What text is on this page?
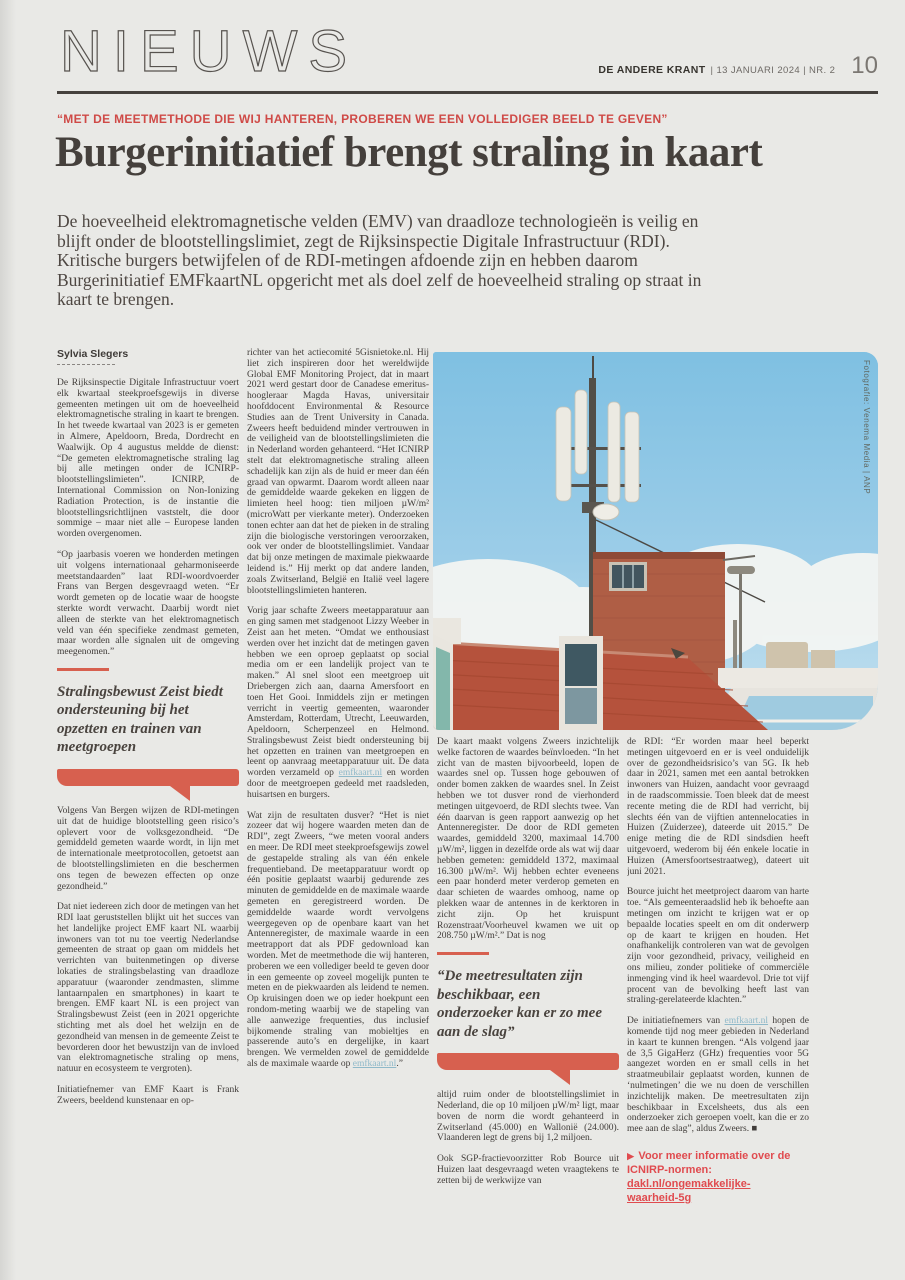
NIEUWS	DE ANDERE KRANT | 13 JANUARI 2024 | NR. 2 10
“MET DE MEETMETHODE DIE WIJ HANTEREN, PROBEREN WE EEN VOLLEDIGER BEELD TE GEVEN”
Burgerinitiatief brengt straling in kaart
De hoeveelheid elektromagnetische velden (EMV) van draadloze technologieën is veilig en blijft onder de blootstellingslimiet, zegt de Rijksinspectie Digitale Infrastructuur (RDI). Kritische burgers betwijfelen of de RDI-metingen afdoende zijn en hebben daarom Burgerinitiatief EMFkaartNL opgericht met als doel zelf de hoeveelheid straling op straat in kaart te brengen.
Fotografie: Venema Media | ANP
Sylvia Slegers

De Rijksinspectie Digitale Infrastructuur voert elk kwartaal steekproefsgewijs in diverse gemeenten metingen uit om de hoeveelheid elektromagnetische straling in kaart te brengen. In het tweede kwartaal van 2023 is er gemeten in Almere, Apeldoorn, Breda, Dordrecht en Waalwijk. Op 4 augustus meldde de dienst: “De gemeten elektromagnetische straling lag bij alle metingen onder de ICNIRP-blootstellingslimieten”. ICNIRP, de International Commission on Non-Ionizing Radiation Protection, is de instantie die blootstellingsrichtlijnen vaststelt, die door sommige – maar niet alle – Europese landen worden overgenomen.

“Op jaarbasis voeren we honderden metingen uit volgens internationaal geharmoniseerde meetstandaarden” laat RDI-woordvoerder Frans van Bergen desgevraagd weten. “Er wordt gemeten op de locatie waar de hoogste sterkte wordt verwacht. Daarbij wordt niet alleen de sterkte van het elektromagnetisch veld van één specifieke zendmast gemeten, maar worden alle signalen uit de omgeving meegenomen.”

Stralingsbewust Zeist biedt ondersteuning bij het opzetten en trainen van meetgroepen

Volgens Van Bergen wijzen de RDI-metingen uit dat de huidige blootstelling geen risico’s oplevert voor de volksgezondheid. “De gemiddeld gemeten waarde wordt, in lijn met de internationale meetprotocollen, getoetst aan de blootstellingslimieten en die beschermen ons tegen de bewezen effecten op onze gezondheid.”

Dat niet iedereen zich door de metingen van het RDI laat geruststellen blijkt uit het succes van het landelijke project EMF kaart NL waarbij inwoners van tot nu toe veertig Nederlandse gemeenten de straat op gaan om middels het verrichten van buitenmetingen op diverse lokaties de stralingsbelasting van draadloze apparatuur (waaronder zendmasten, slimme lantaarnpalen en smartphones) in kaart te brengen. EMF kaart NL is een project van Stralingsbewust Zeist (een in 2021 opgerichte stichting met als doel het welzijn en de gezondheid van mensen in de gemeente Zeist te bevorderen door het bewustzijn van de invloed van elektromagnetische straling op mens, natuur en ecosysteem te vergroten).

Initiatiefnemer van EMF Kaart is Frank Zweers, beeldend kunstenaar en op-

richter van het actiecomité 5Gisnietoke.nl. Hij liet zich inspireren door het wereldwijde Global EMF Monitoring Project, dat in maart 2021 werd gestart door de Canadese emeritus-hoogleraar Magda Havas, universitair hoofddocent Environmental & Resource Studies aan de Trent University in Canada. Zweers heeft beduidend minder vertrouwen in de veiligheid van de blootstellingslimieten die in Nederland worden gehanteerd. “Het ICNIRP stelt dat elektromagnetische straling alleen schadelijk kan zijn als de huid er meer dan één graad van opwarmt. Daarom wordt alleen naar de gemiddelde waarde gekeken en liggen de limieten heel hoog: tien miljoen µW/m² (microWatt per vierkante meter). Onderzoeken tonen echter aan dat het de pieken in de straling zijn die biologische verstoringen veroorzaken, ook ver onder de blootstellingslimiet. Vandaar dat bij onze metingen de maximale piekwaarde leidend is.” Hij merkt op dat andere landen, zoals Zwitserland, België en Italië veel lagere blootstellingslimieten hanteren.

Vorig jaar schafte Zweers meetapparatuur aan en ging samen met stadgenoot Lizzy Weeber in Zeist aan het meten. “Omdat we enthousiast werden over het inzicht dat de metingen gaven hebben we een oproep geplaatst op social media om er een landelijk project van te maken.” Al snel sloot een meetgroep uit Driebergen zich aan, daarna Amersfoort en toen Het Gooi. Inmiddels zijn er metingen verricht in veertig gemeenten, waaronder Amsterdam, Rotterdam, Utrecht, Leeuwarden, Apeldoorn, Scherpenzeel en Helmond. Stralingsbewust Zeist biedt ondersteuning bij het opzetten en trainen van meetgroepen en leent op aanvraag meetapparatuur uit. De data worden verzameld op emfkaart.nl en worden door de meetgroepen gedeeld met raadsleden, huisartsen en burgers.

Wat zijn de resultaten dusver? “Het is niet zozeer dat wij hogere waarden meten dan de RDI”, zegt Zweers, “we meten vooral anders en meer. De RDI meet steekproefsgewijs zowel de gestapelde straling als van één enkele frequentieband. De meetapparatuur wordt op één positie geplaatst waarbij gedurende zes minuten de gemiddelde en de maximale waarde gemeten en geregistreerd worden. De gemiddelde waarde wordt vervolgens weergegeven op de openbare kaart van het Antenneregister, de maximale waarde in een meetrapport dat als PDF gedownload kan worden. Met de meetmethode die wij hanteren, proberen we een vollediger beeld te geven door in een gemeente op zoveel mogelijk punten te meten en de piekwaarden als leidend te nemen. Op kruisingen doen we op ieder hoekpunt een rondom-meting waarbij we de stapeling van alle aanwezige frequenties, dus inclusief bijkomende straling van mobieltjes en passerende auto’s en dergelijke, in kaart brengen. We vermelden zowel de gemiddelde als de maximale waarde op emfkaart.nl.”

De kaart maakt volgens Zweers inzichtelijk welke factoren de waardes beïnvloeden. “In het zicht van de masten bijvoorbeeld, lopen de waardes snel op. Tussen hoge gebouwen of onder bomen zakken de waardes snel. In Zeist hebben we tot dusver rond de vierhonderd metingen uitgevoerd, de RDI slechts twee. Van één daarvan is geen rapport aanwezig op het Antenneregister. De door de RDI gemeten waardes, gemiddeld 3200, maximaal 14.700 µW/m², liggen in dezelfde orde als wat wij daar hebben gemeten: gemiddeld 1372, maximaal 16.300 µW/m². Wij hebben echter eveneens een paar honderd meter verderop gemeten en daar schieten de waardes omhoog, name op plekken waar de antennes in de kerktoren in zicht zijn. Op het kruispunt Rozenstraat/Voorheuvel kwamen we uit op 208.750 µW/m².” Dat is nog

“De meetresultaten zijn beschikbaar, een onderzoeker kan er zo mee aan de slag”

altijd ruim onder de blootstellingslimiet in Nederland, die op 10 miljoen µW/m² ligt, maar boven de norm die wordt gehanteerd in Zwitserland (45.000) en Wallonië (24.000). Vlaanderen legt de grens bij 1,2 miljoen.

Ook SGP-fractievoorzitter Rob Bource uit Huizen laat desgevraagd weten vraagtekens te zetten bij de werkwijze van

de RDI: “Er worden maar heel beperkt metingen uitgevoerd en er is veel onduidelijk over de gezondheidsrisico’s van 5G. Ik heb daar in 2021, samen met een aantal betrokken inwoners van Huizen, aandacht voor gevraagd in de raadscommissie. Toen bleek dat de meest recente meting die de RDI had verricht, bij slechts één van de vijftien antennelocaties in Huizen (Zuiderzee), dateerde uit 2015.” De enige meting die de RDI sindsdien heeft uitgevoerd, wederom bij één enkele locatie in Huizen (Amersfoortsestraatweg), dateert uit juni 2021.

Bource juicht het meetproject daarom van harte toe. “Als gemeenteraadslid heb ik behoefte aan metingen om inzicht te krijgen wat er op bepaalde locaties speelt en om dit onderwerp op de kaart te krijgen en houden. Het onafhankelijk controleren van wat de gevolgen zijn voor gezondheid, privacy, veiligheid en ons milieu, zonder politieke of commerciële inmenging vind ik heel waardevol. Drie tot vijf procent van de bevolking heeft last van straling-gerelateerde klachten.”

De initiatiefnemers van emfkaart.nl hopen de komende tijd nog meer gebieden in Nederland in kaart te kunnen brengen. “Als volgend jaar de 3,5 GigaHerz (GHz) frequenties voor 5G aangezet worden en er small cells in het straatmeubilair geplaatst worden, kunnen de ‘nulmetingen’ die we nu doen de verschillen inzichtelijk maken. De meetresultaten zijn beschikbaar in Excelsheets, dus als een onderzoeker zich geroepen voelt, kan die er zo mee aan de slag”, aldus Zweers. ■

▶ Voor meer informatie over de ICNIRP-normen: dakl.nl/ongemakkelijke-waarheid-5g
